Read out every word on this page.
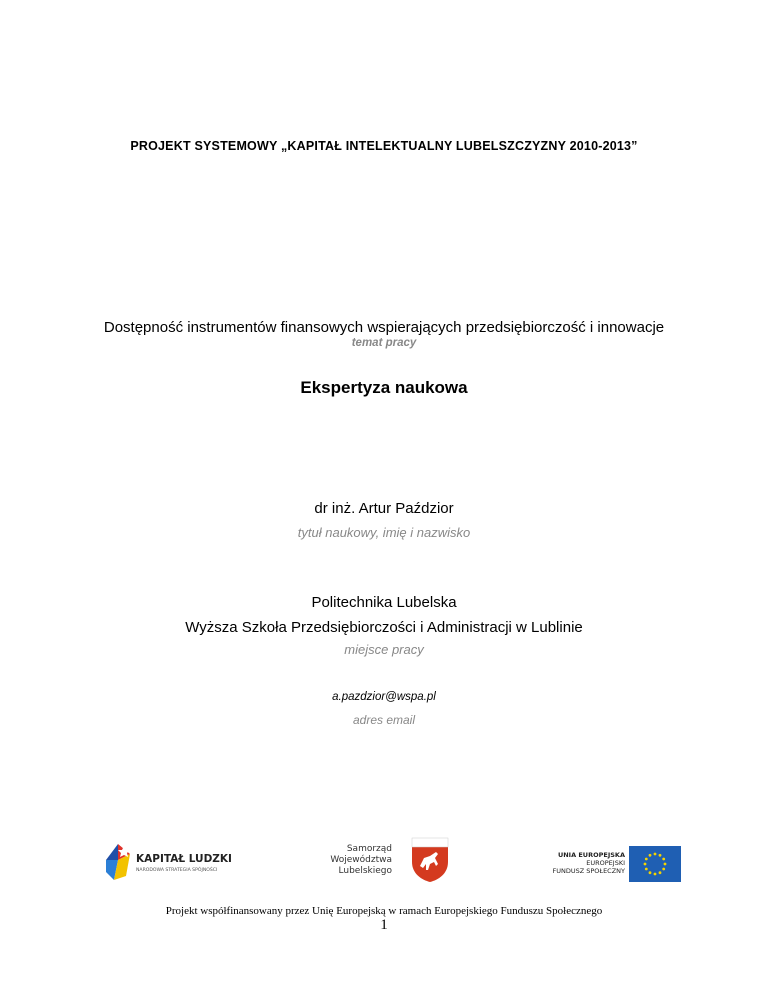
PROJEKT SYSTEMOWY „KAPITAŁ INTELEKTUALNY LUBELSZCZYZNY 2010-2013”
Dostępność instrumentów finansowych wspierających przedsiębiorczość i innowacje
temat pracy
Ekspertyza naukowa
dr inż. Artur Paździor
tytuł naukowy, imię i nazwisko
Politechnika Lubelska
Wyższa Szkoła Przedsiębiorczości i Administracji w Lublinie
miejsce pracy
a.pazdzior@wspa.pl
adres email
KAPITAŁ LUDZKI
NARODOWA STRATEGIA SPÓJNOŚCI
Samorząd
Województwa
Lubelskiego
UNIA EUROPEJSKA
EUROPEJSKI
FUNDUSZ SPOŁECZNY
Projekt współfinansowany przez Unię Europejską w ramach Europejskiego Funduszu Społecznego
1
